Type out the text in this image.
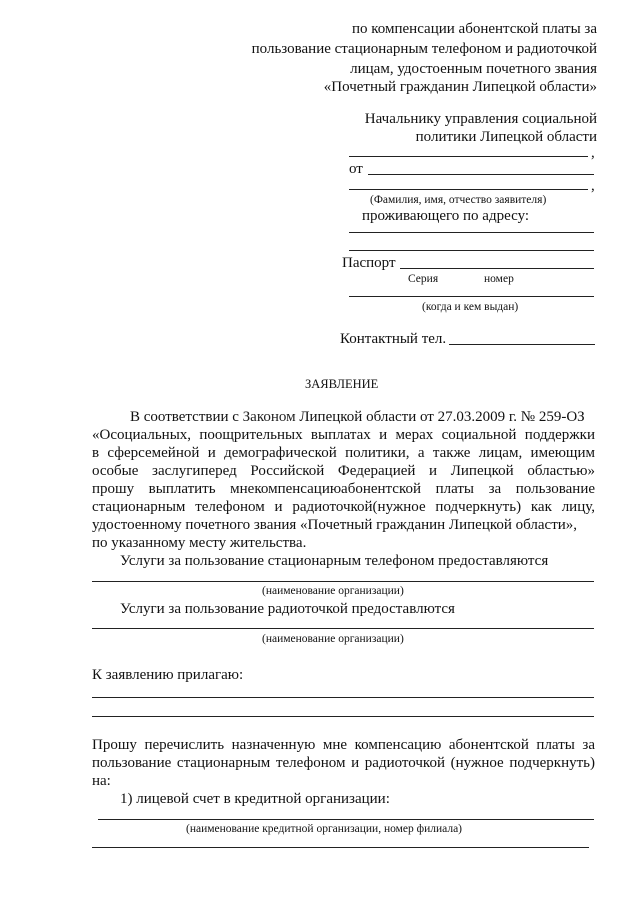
по компенсации абонентской платы за
пользование стационарным телефоном и радиоточкой
лицам, удостоенным почетного звания
«Почетный гражданин Липецкой области»
Начальнику управления социальной
политики Липецкой области
,
от
,
(Фамилия, имя, отчество заявителя)
проживающего по адресу:
Паспорт
Серия	номер
(когда и кем выдан)
Контактный тел.
ЗАЯВЛЕНИЕ
В соответствии с Законом Липецкой области от 27.03.2009 г. № 259-ОЗ
«Осоциальных, поощрительных выплатах и мерах социальной поддержки
в сферсемейной и демографической политики, а также лицам, имеющим
особые заслугиперед Российской Федерацией и Липецкой областью»
прошу выплатить мнекомпенсациюабонентской платы за пользование
стационарным телефоном и радиоточкой(нужное подчеркнуть) как лицу,
удостоенному почетного звания «Почетный гражданин Липецкой области»,
по указанному месту жительства.
Услуги за пользование стационарным телефоном предоставляются
(наименование организации)
Услуги за пользование радиоточкой предоставлются
(наименование организации)
К заявлению прилагаю:
Прошу перечислить назначенную мне компенсацию абонентской платы за
пользование стационарным телефоном и радиоточкой (нужное подчеркнуть)
на:
1) лицевой счет в кредитной организации:
(наименование кредитной организации, номер филиала)
